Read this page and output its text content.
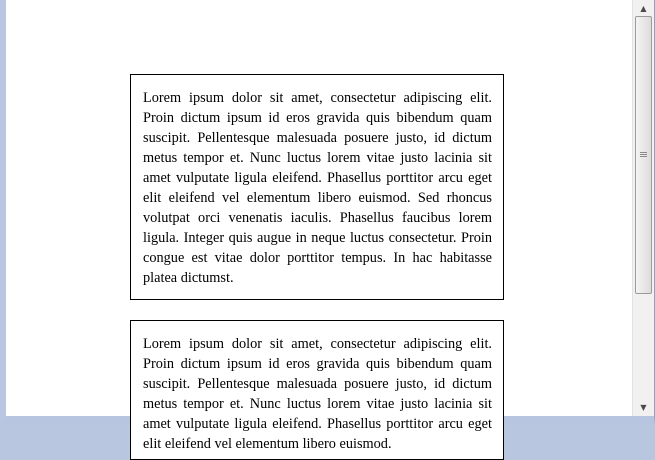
Lorem ipsum dolor sit amet, consectetur adipiscing elit. Proin dictum ipsum id eros gravida quis bibendum quam suscipit. Pellentesque malesuada posuere justo, id dictum metus tempor et. Nunc luctus lorem vitae justo lacinia sit amet vulputate ligula eleifend. Phasellus porttitor arcu eget elit eleifend vel elementum libero euismod. Sed rhoncus volutpat orci venenatis iaculis. Phasellus faucibus lorem ligula. Integer quis augue in neque luctus consectetur. Proin congue est vitae dolor porttitor tempus. In hac habitasse platea dictumst.
Lorem ipsum dolor sit amet, consectetur adipiscing elit. Proin dictum ipsum id eros gravida quis bibendum quam suscipit. Pellentesque malesuada posuere justo, id dictum metus tempor et. Nunc luctus lorem vitae justo lacinia sit amet vulputate ligula eleifend. Phasellus porttitor arcu eget elit eleifend vel elementum libero euismod.
▲
▼
